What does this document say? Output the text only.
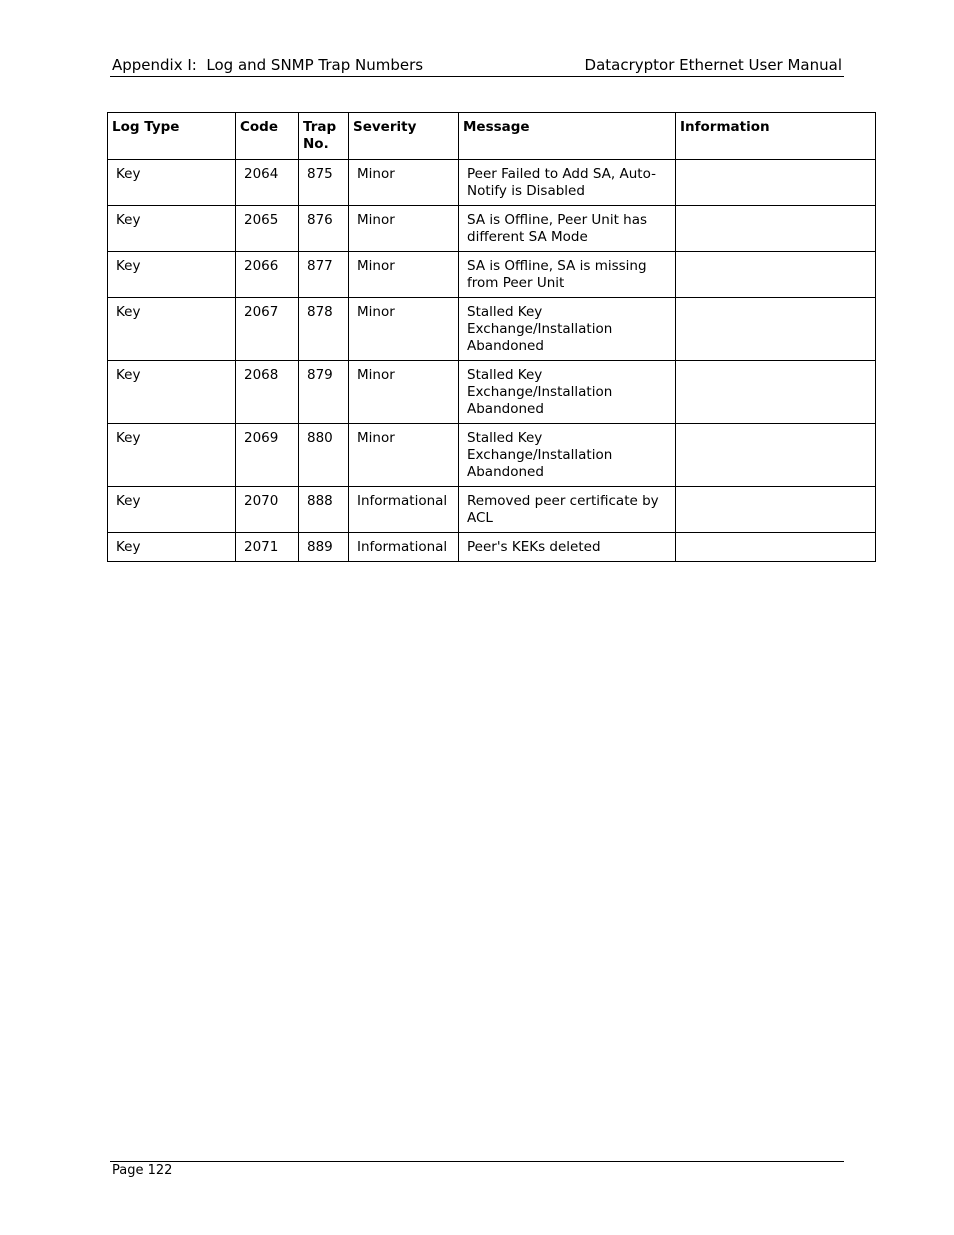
Appendix I:  Log and SNMP Trap Numbers	Datacryptor Ethernet User Manual
Log Type	Code	Trap No.	Severity	Message	Information
Key	2064	875	Minor	Peer Failed to Add SA, Auto-Notify is Disabled	
Key	2065	876	Minor	SA is Offline, Peer Unit has different SA Mode	
Key	2066	877	Minor	SA is Offline, SA is missing from Peer Unit	
Key	2067	878	Minor	Stalled Key Exchange/Installation Abandoned	
Key	2068	879	Minor	Stalled Key Exchange/Installation Abandoned	
Key	2069	880	Minor	Stalled Key Exchange/Installation Abandoned	
Key	2070	888	Informational	Removed peer certificate by ACL	
Key	2071	889	Informational	Peer's KEKs deleted	
Page 122
